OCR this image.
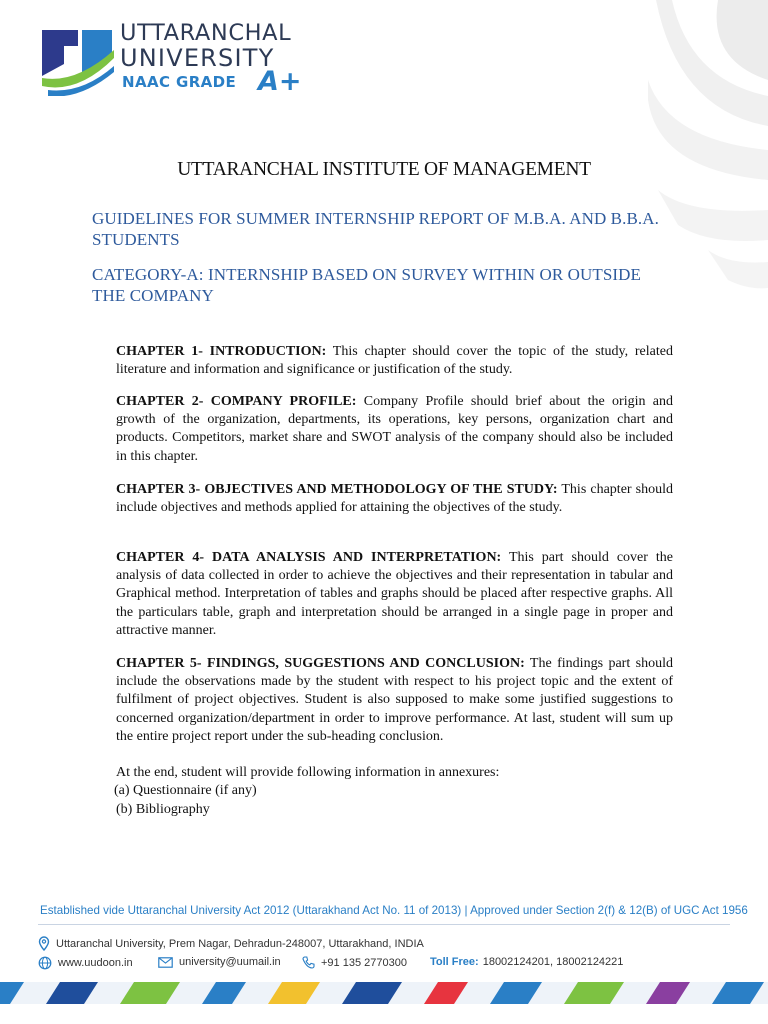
UTTARANCHAL
UNIVERSITY
NAAC GRADE A+
UTTARANCHAL INSTITUTE OF MANAGEMENT
GUIDELINES FOR SUMMER INTERNSHIP REPORT OF M.B.A. AND B.B.A. STUDENTS
CATEGORY-A: INTERNSHIP BASED ON SURVEY WITHIN OR OUTSIDE THE COMPANY

CHAPTER 1- INTRODUCTION: This chapter should cover the topic of the study, related literature and information and significance or justification of the study.

CHAPTER 2- COMPANY PROFILE: Company Profile should brief about the origin and growth of the organization, departments, its operations, key persons, organization chart and products. Competitors, market share and SWOT analysis of the company should also be included in this chapter.

CHAPTER 3- OBJECTIVES AND METHODOLOGY OF THE STUDY: This chapter should include objectives and methods applied for attaining the objectives of the study.

CHAPTER 4- DATA ANALYSIS AND INTERPRETATION: This part should cover the analysis of data collected in order to achieve the objectives and their representation in tabular and Graphical method. Interpretation of tables and graphs should be placed after respective graphs. All the particulars table, graph and interpretation should be arranged in a single page in proper and attractive manner.

CHAPTER 5- FINDINGS, SUGGESTIONS AND CONCLUSION: The findings part should include the observations made by the student with respect to his project topic and the extent of fulfilment of project objectives. Student is also supposed to make some justified suggestions to concerned organization/department in order to improve performance. At last, student will sum up the entire project report under the sub-heading conclusion.

At the end, student will provide following information in annexures:
(a) Questionnaire (if any)
(b) Bibliography
Established vide Uttaranchal University Act 2012 (Uttarakhand Act No. 11 of 2013) | Approved under Section 2(f) & 12(B) of UGC Act 1956
Uttaranchal University, Prem Nagar, Dehradun-248007, Uttarakhand, INDIA
www.uudoon.in	university@uumail.in	+91 135 2770300 Toll Free: 18002124201, 18002124221
